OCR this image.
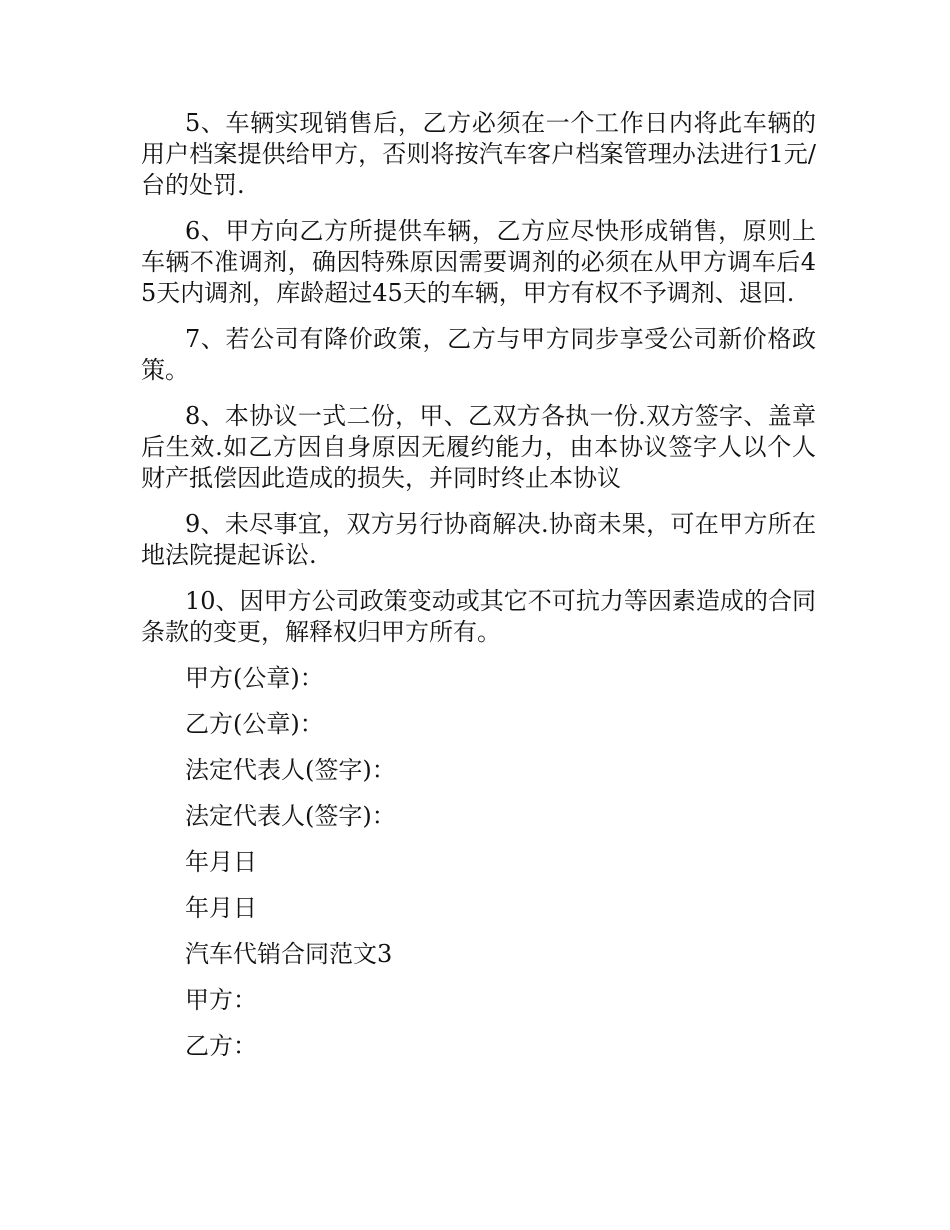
5、车辆实现销售后，乙方必须在一个工作日内将此车辆的用户档案提供给甲方，否则将按汽车客户档案管理办法进行1元/台的处罚.

6、甲方向乙方所提供车辆，乙方应尽快形成销售，原则上车辆不准调剂，确因特殊原因需要调剂的必须在从甲方调车后45天内调剂，库龄超过45天的车辆，甲方有权不予调剂、退回.

7、若公司有降价政策，乙方与甲方同步享受公司新价格政策。

8、本协议一式二份，甲、乙双方各执一份.双方签字、盖章后生效.如乙方因自身原因无履约能力，由本协议签字人以个人财产抵偿因此造成的损失，并同时终止本协议

9、未尽事宜，双方另行协商解决.协商未果，可在甲方所在地法院提起诉讼.

10、因甲方公司政策变动或其它不可抗力等因素造成的合同条款的变更，解释权归甲方所有。

甲方(公章)：
乙方(公章)：
法定代表人(签字)：
法定代表人(签字)：
年月日
年月日
汽车代销合同范文3
甲方：
乙方：
